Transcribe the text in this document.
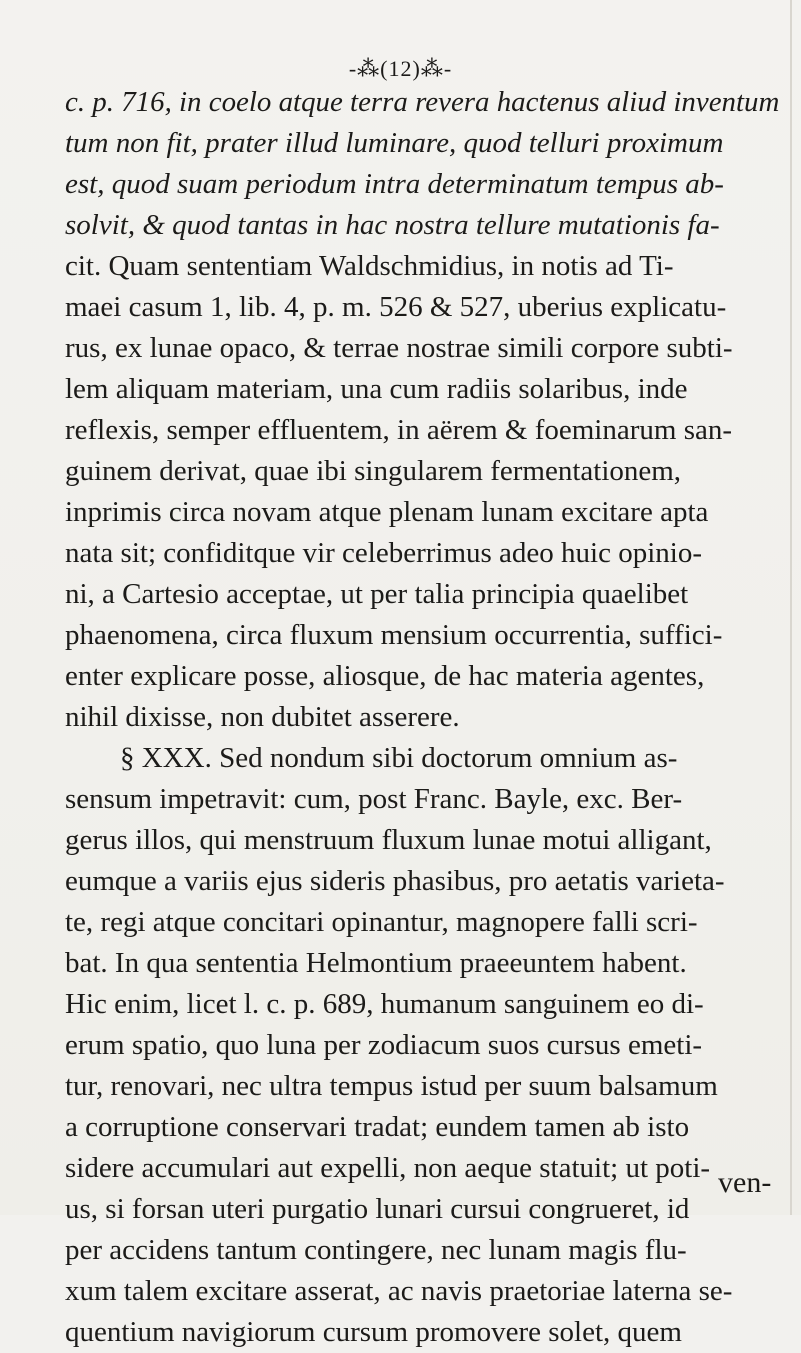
-⁂(12)⁂-
c. p. 716, in coelo atque terra revera hactenus aliud inventum
tum non fit, prater illud luminare, quod telluri proximum
est, quod suam periodum intra determinatum tempus ab-
solvit, & quod tantas in hac nostra tellure mutationis fa-
cit. Quam sententiam Waldschmidius, in notis ad Ti-
maei casum 1, lib. 4, p. m. 526 & 527, uberius explicatu-
rus, ex lunae opaco, & terrae nostrae simili corpore subti-
lem aliquam materiam, una cum radiis solaribus, inde
reflexis, semper effluentem, in aërem & foeminarum san-
guinem derivat, quae ibi singularem fermentationem,
inprimis circa novam atque plenam lunam excitare apta
nata sit; confiditque vir celeberrimus adeo huic opinio-
ni, a Cartesio acceptae, ut per talia principia quaelibet
phaenomena, circa fluxum mensium occurrentia, suffici-
enter explicare posse, aliosque, de hac materia agentes,
nihil dixisse, non dubitet asserere.
§ XXX. Sed nondum sibi doctorum omnium as-
sensum impetravit: cum, post Franc. Bayle, exc. Ber-
gerus illos, qui menstruum fluxum lunae motui alligant,
eumque a variis ejus sideris phasibus, pro aetatis varieta-
te, regi atque concitari opinantur, magnopere falli scri-
bat. In qua sententia Helmontium praeeuntem habent.
Hic enim, licet l. c. p. 689, humanum sanguinem eo di-
erum spatio, quo luna per zodiacum suos cursus emeti-
tur, renovari, nec ultra tempus istud per suum balsamum
a corruptione conservari tradat; eundem tamen ab isto
sidere accumulari aut expelli, non aeque statuit; ut poti-
us, si forsan uteri purgatio lunari cursui congrueret, id
per accidens tantum contingere, nec lunam magis flu-
xum talem excitare asserat, ac navis praetoriae laterna se-
quentium navigiorum cursum promovere solet, quem
ven-
